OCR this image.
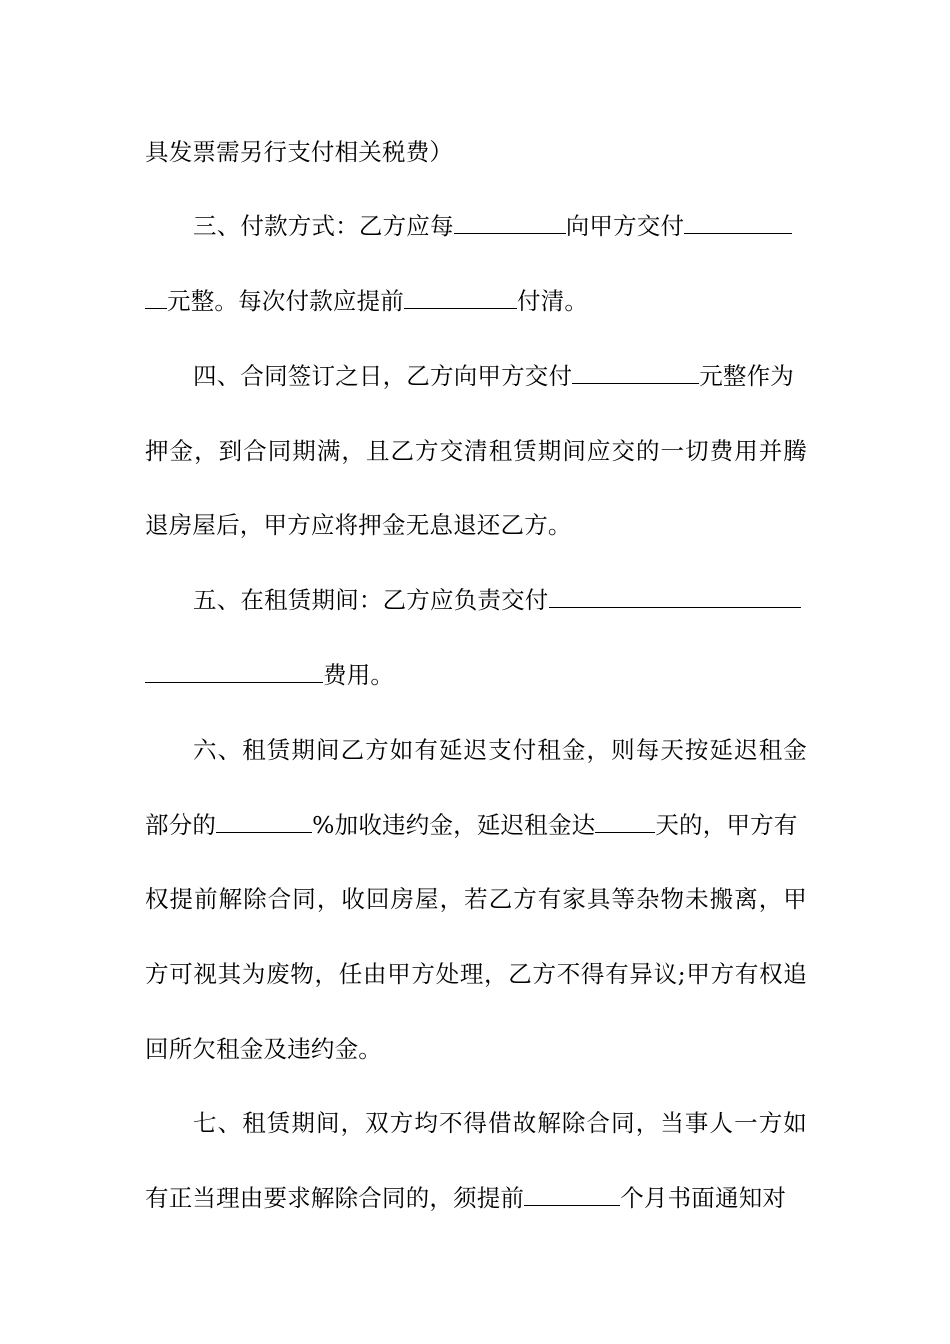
具发票需另行支付相关税费）
三、付款方式：乙方应每	向甲方交付
元整。每次付款应提前	付清。
四、合同签订之日，乙方向甲方交付	元整作为
押金，到合同期满，且乙方交清租赁期间应交的一切费用并腾
退房屋后，甲方应将押金无息退还乙方。
五、在租赁期间：乙方应负责交付
费用。
六、租赁期间乙方如有延迟支付租金，则每天按延迟租金
部分的	%加收违约金，延迟租金达	天的，甲方有
权提前解除合同，收回房屋，若乙方有家具等杂物未搬离，甲
方可视其为废物，任由甲方处理，乙方不得有异议;甲方有权追
回所欠租金及违约金。
七、租赁期间，双方均不得借故解除合同，当事人一方如
有正当理由要求解除合同的，须提前	个月书面通知对
